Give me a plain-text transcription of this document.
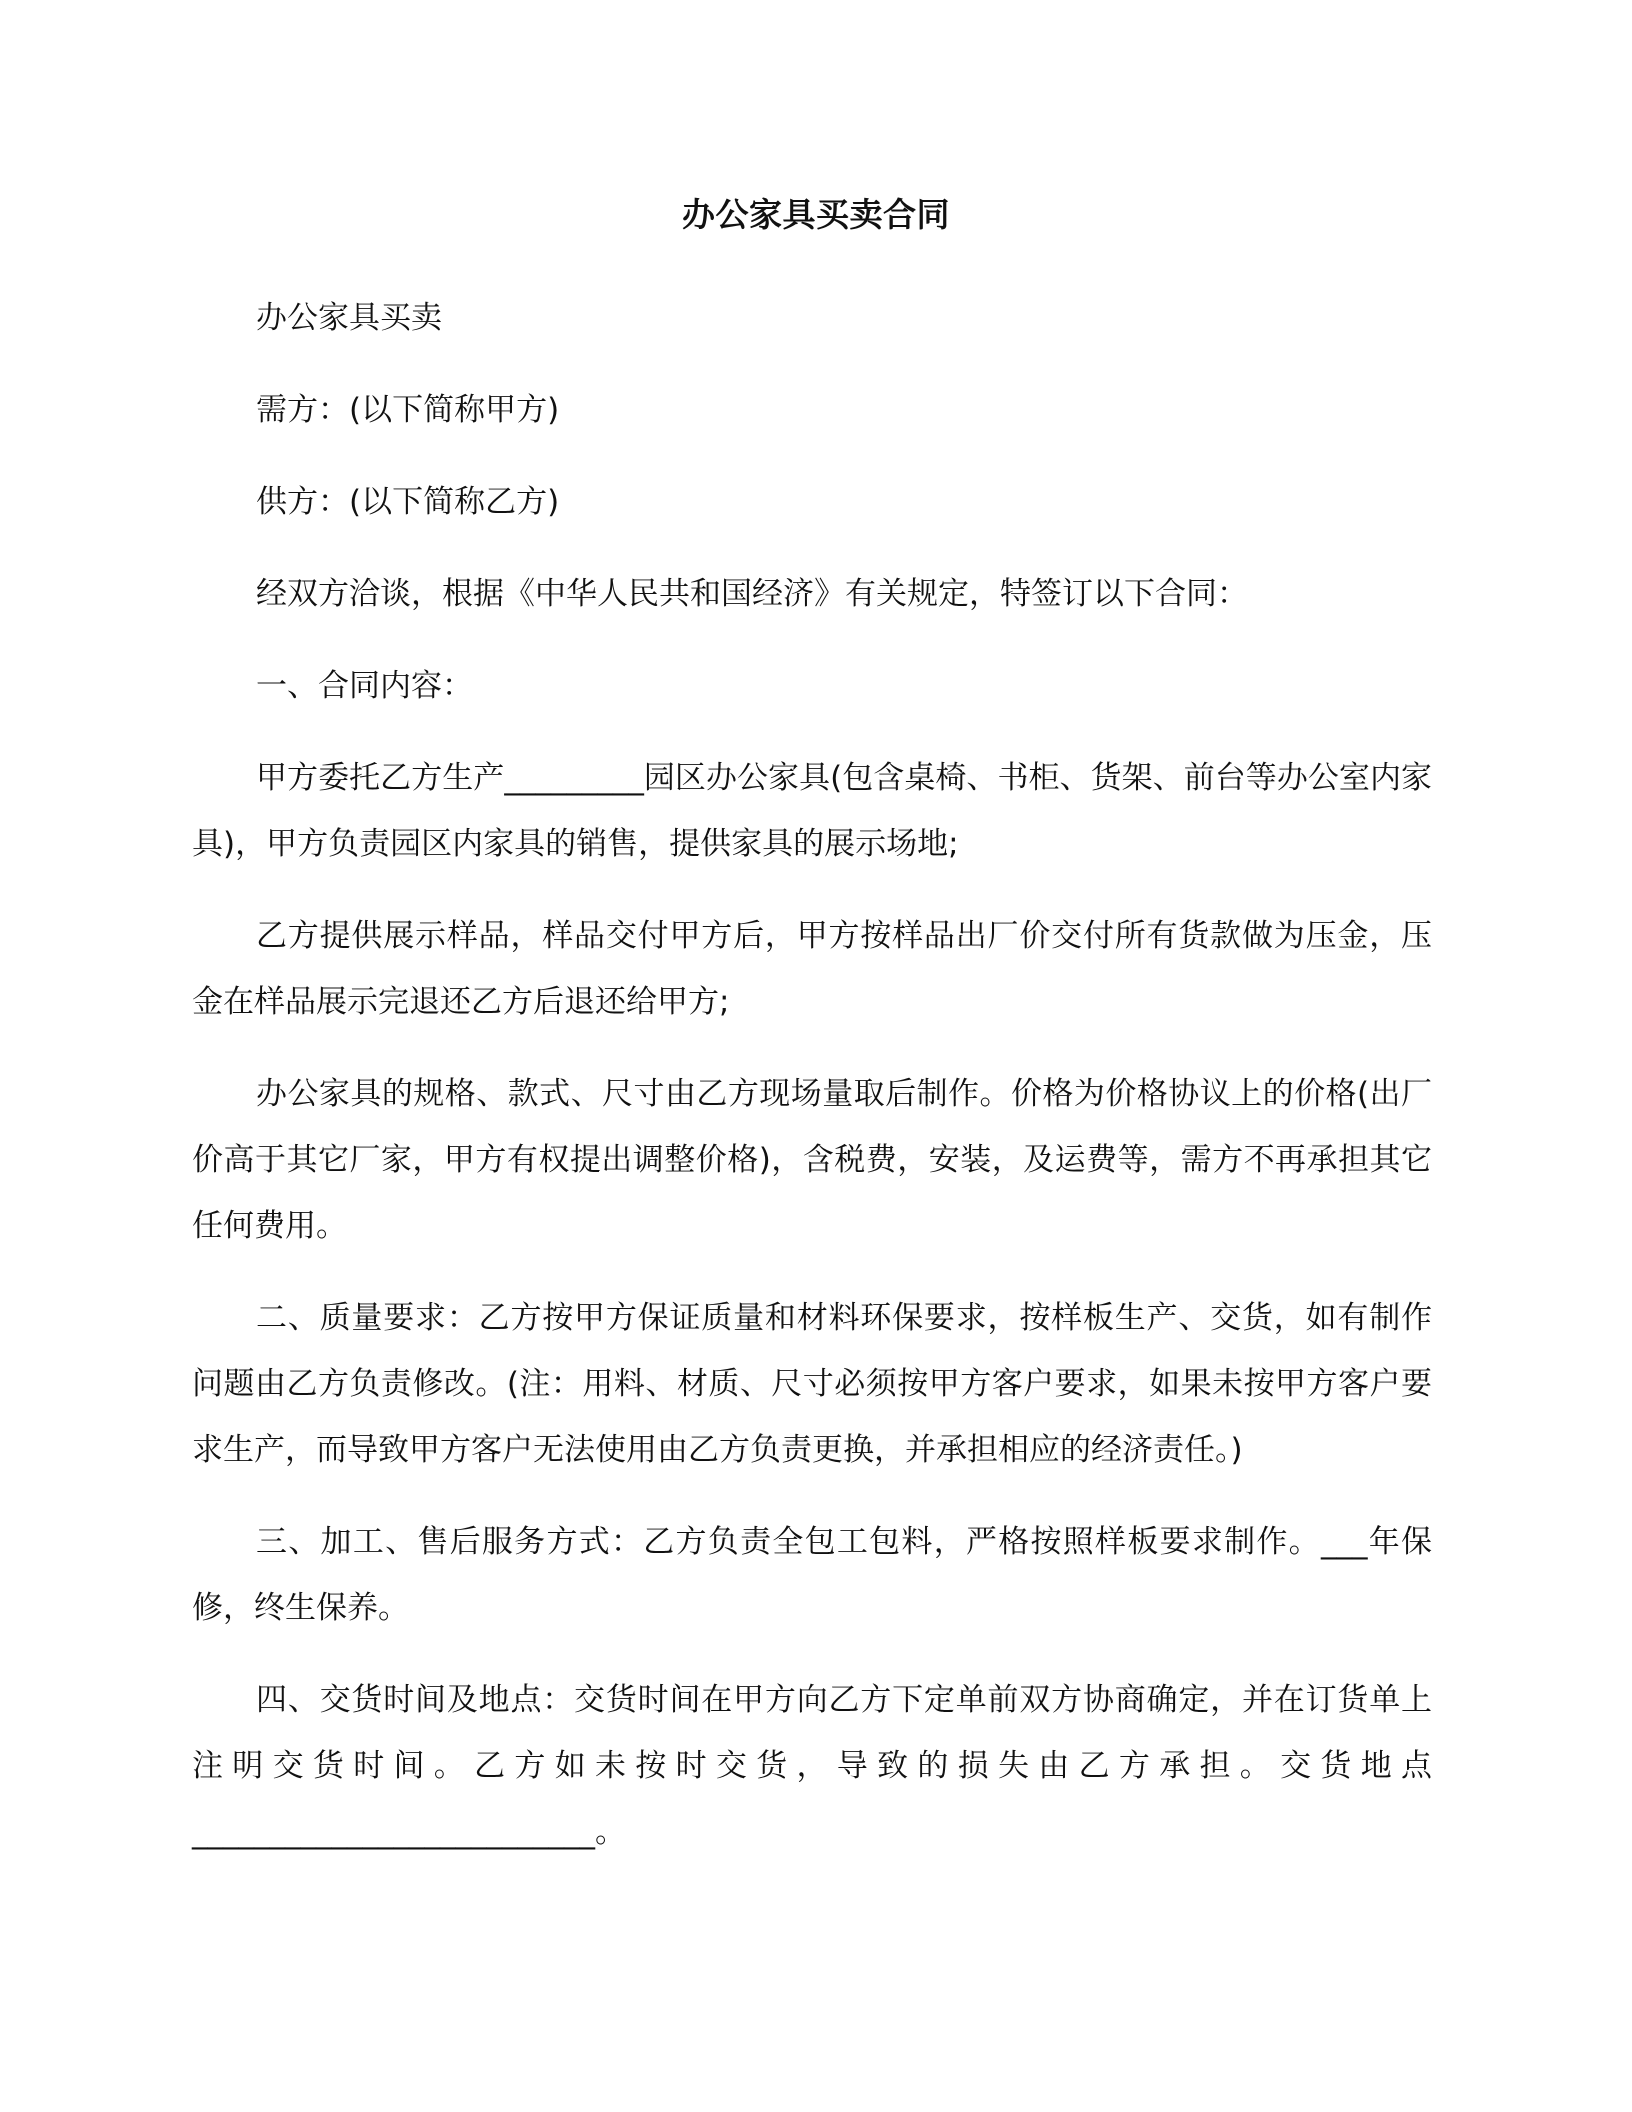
办公家具买卖合同

办公家具买卖

需方：(以下简称甲方)

供方：(以下简称乙方)

经双方洽谈，根据《中华人民共和国经济》有关规定，特签订以下合同：

一、合同内容：

甲方委托乙方生产_________园区办公家具(包含桌椅、书柜、货架、前台等办公室内家具)，甲方负责园区内家具的销售，提供家具的展示场地;

乙方提供展示样品，样品交付甲方后，甲方按样品出厂价交付所有货款做为压金，压金在样品展示完退还乙方后退还给甲方;

办公家具的规格、款式、尺寸由乙方现场量取后制作。价格为价格协议上的价格(出厂价高于其它厂家，甲方有权提出调整价格)，含税费，安装，及运费等，需方不再承担其它任何费用。

二、质量要求：乙方按甲方保证质量和材料环保要求，按样板生产、交货，如有制作问题由乙方负责修改。(注：用料、材质、尺寸必须按甲方客户要求，如果未按甲方客户要求生产，而导致甲方客户无法使用由乙方负责更换，并承担相应的经济责任。)

三、加工、售后服务方式：乙方负责全包工包料，严格按照样板要求制作。___年保修，终生保养。

四、交货时间及地点：交货时间在甲方向乙方下定单前双方协商确定，并在订货单上注明交货时间。乙方如未按时交货，导致的损失由乙方承担。交货地点__________________________。
